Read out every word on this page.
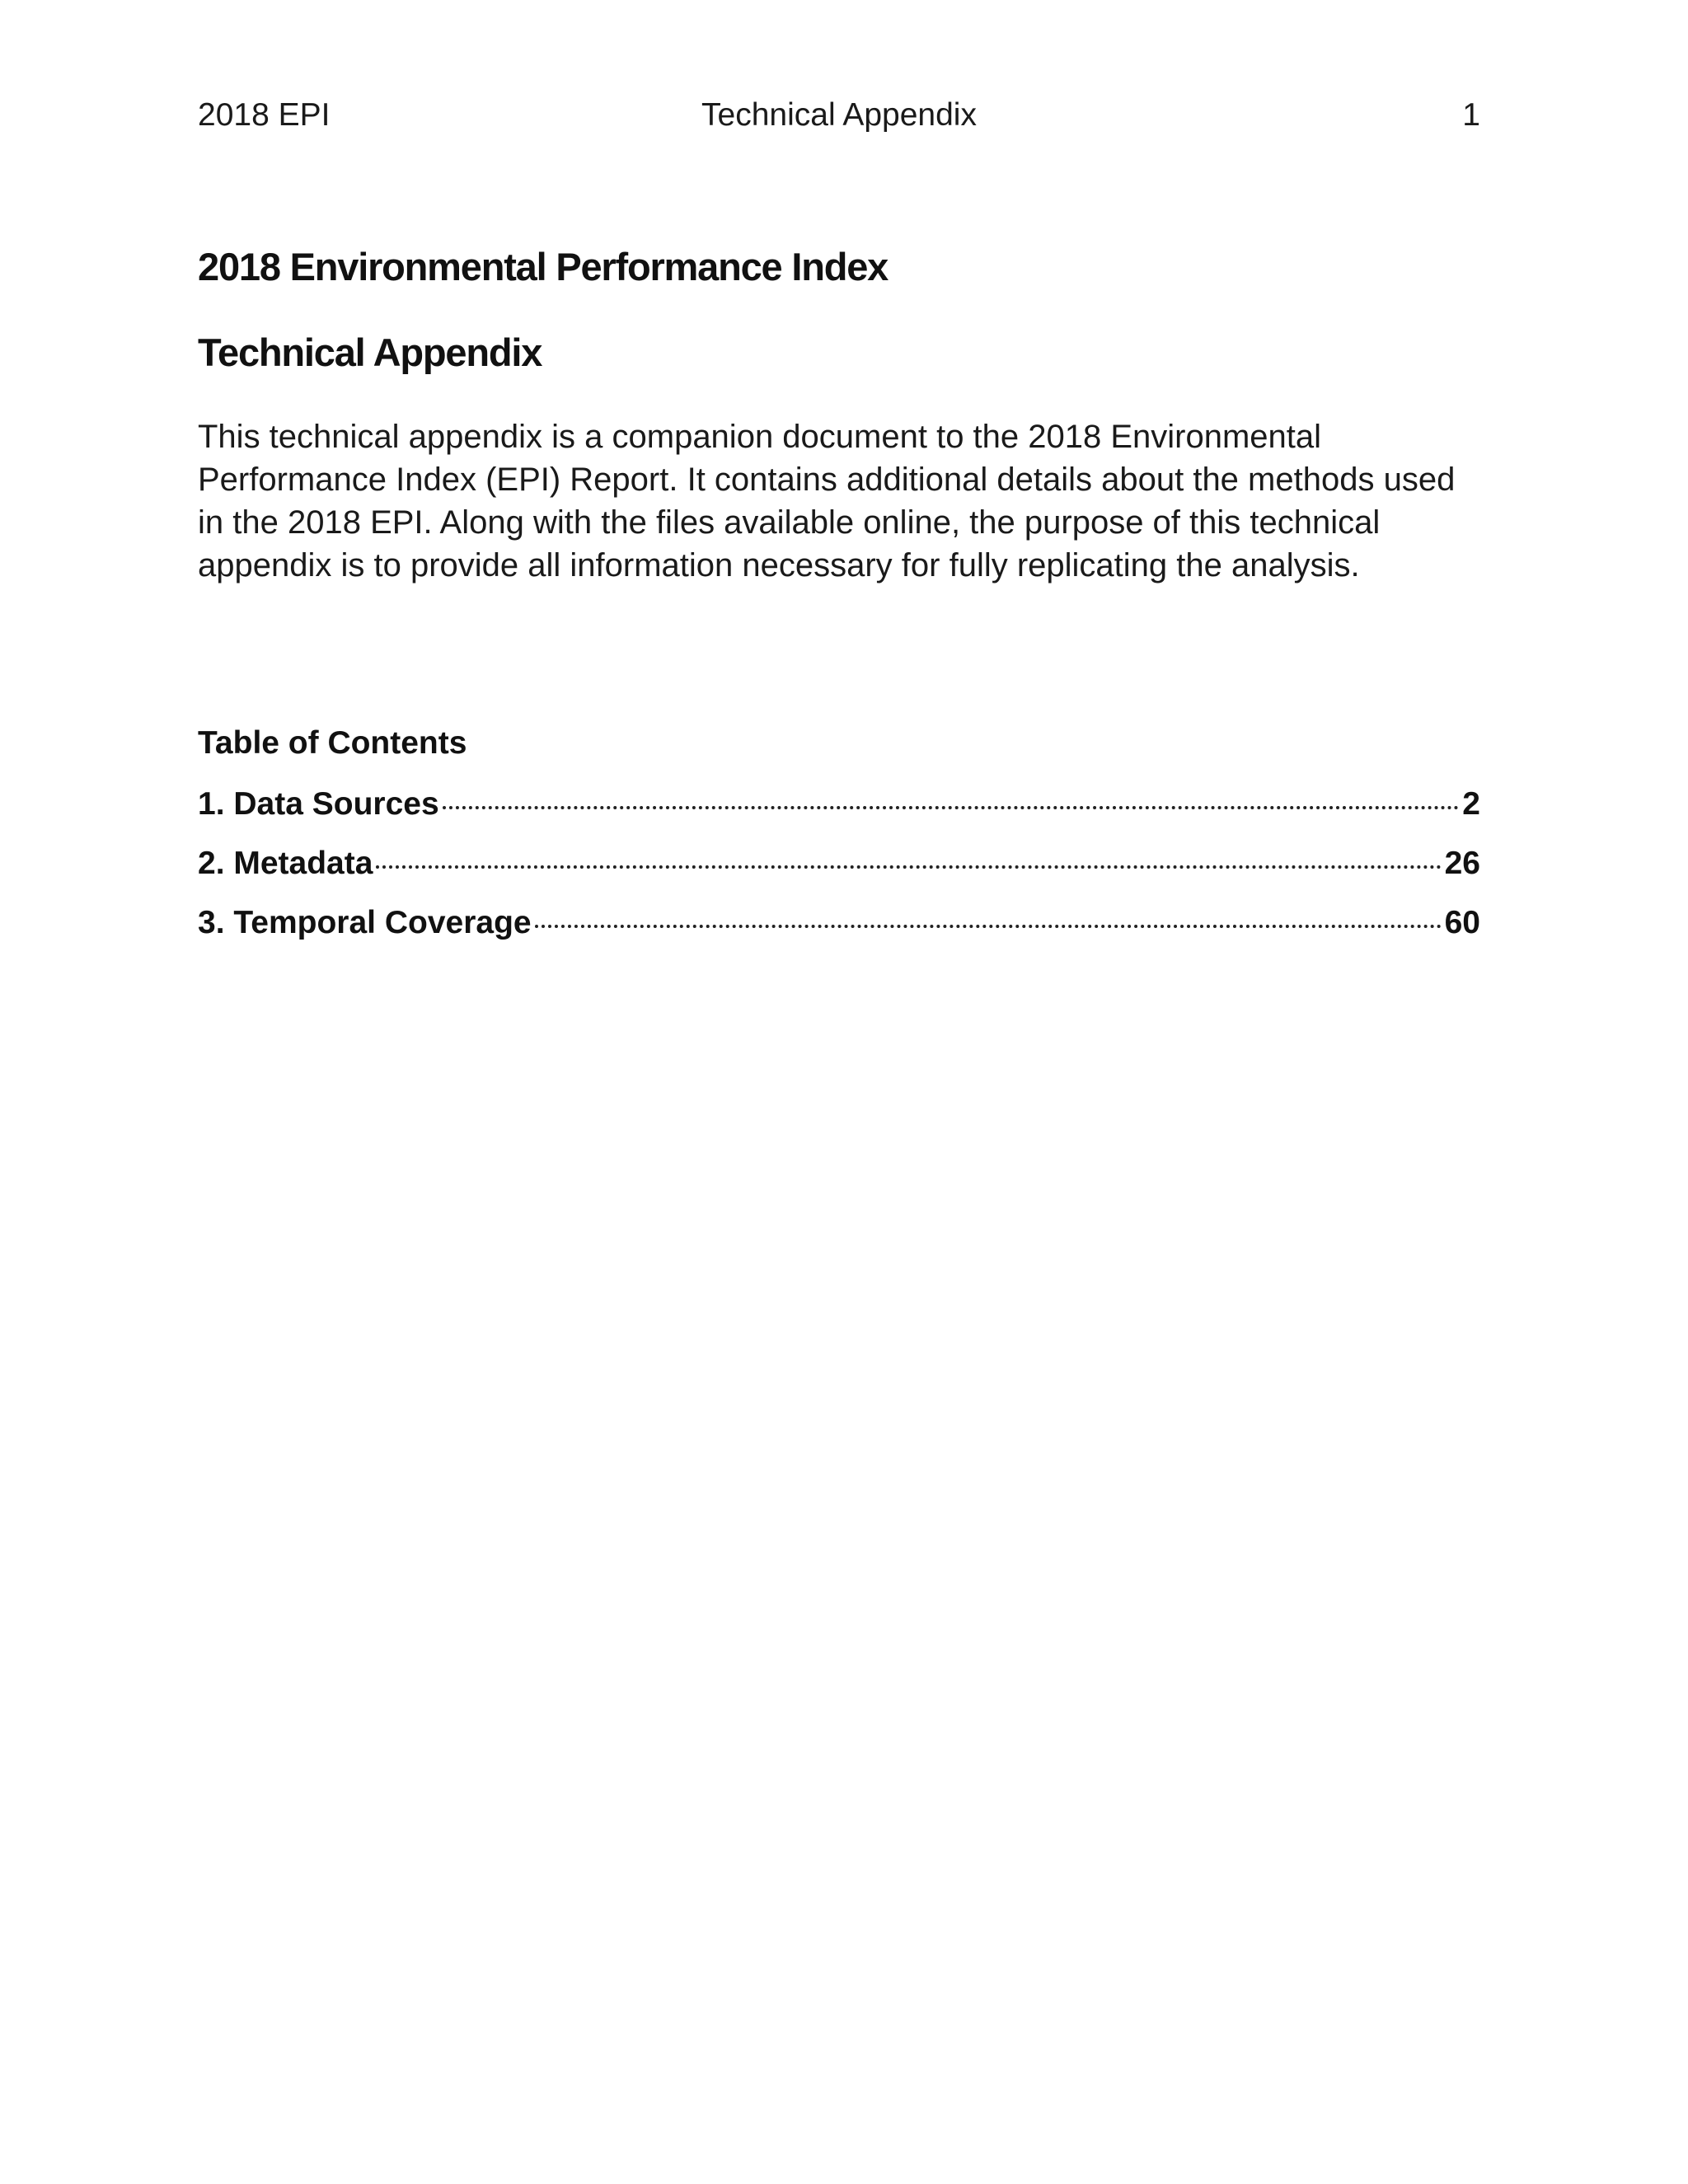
2018 EPI	Technical Appendix	1
2018 Environmental Performance Index
Technical Appendix

This technical appendix is a companion document to the 2018 Environmental Performance Index (EPI) Report. It contains additional details about the methods used in the 2018 EPI. Along with the files available online, the purpose of this technical appendix is to provide all information necessary for fully replicating the analysis.

Table of Contents
1. Data Sources	2
2. Metadata	26
3. Temporal Coverage	60
